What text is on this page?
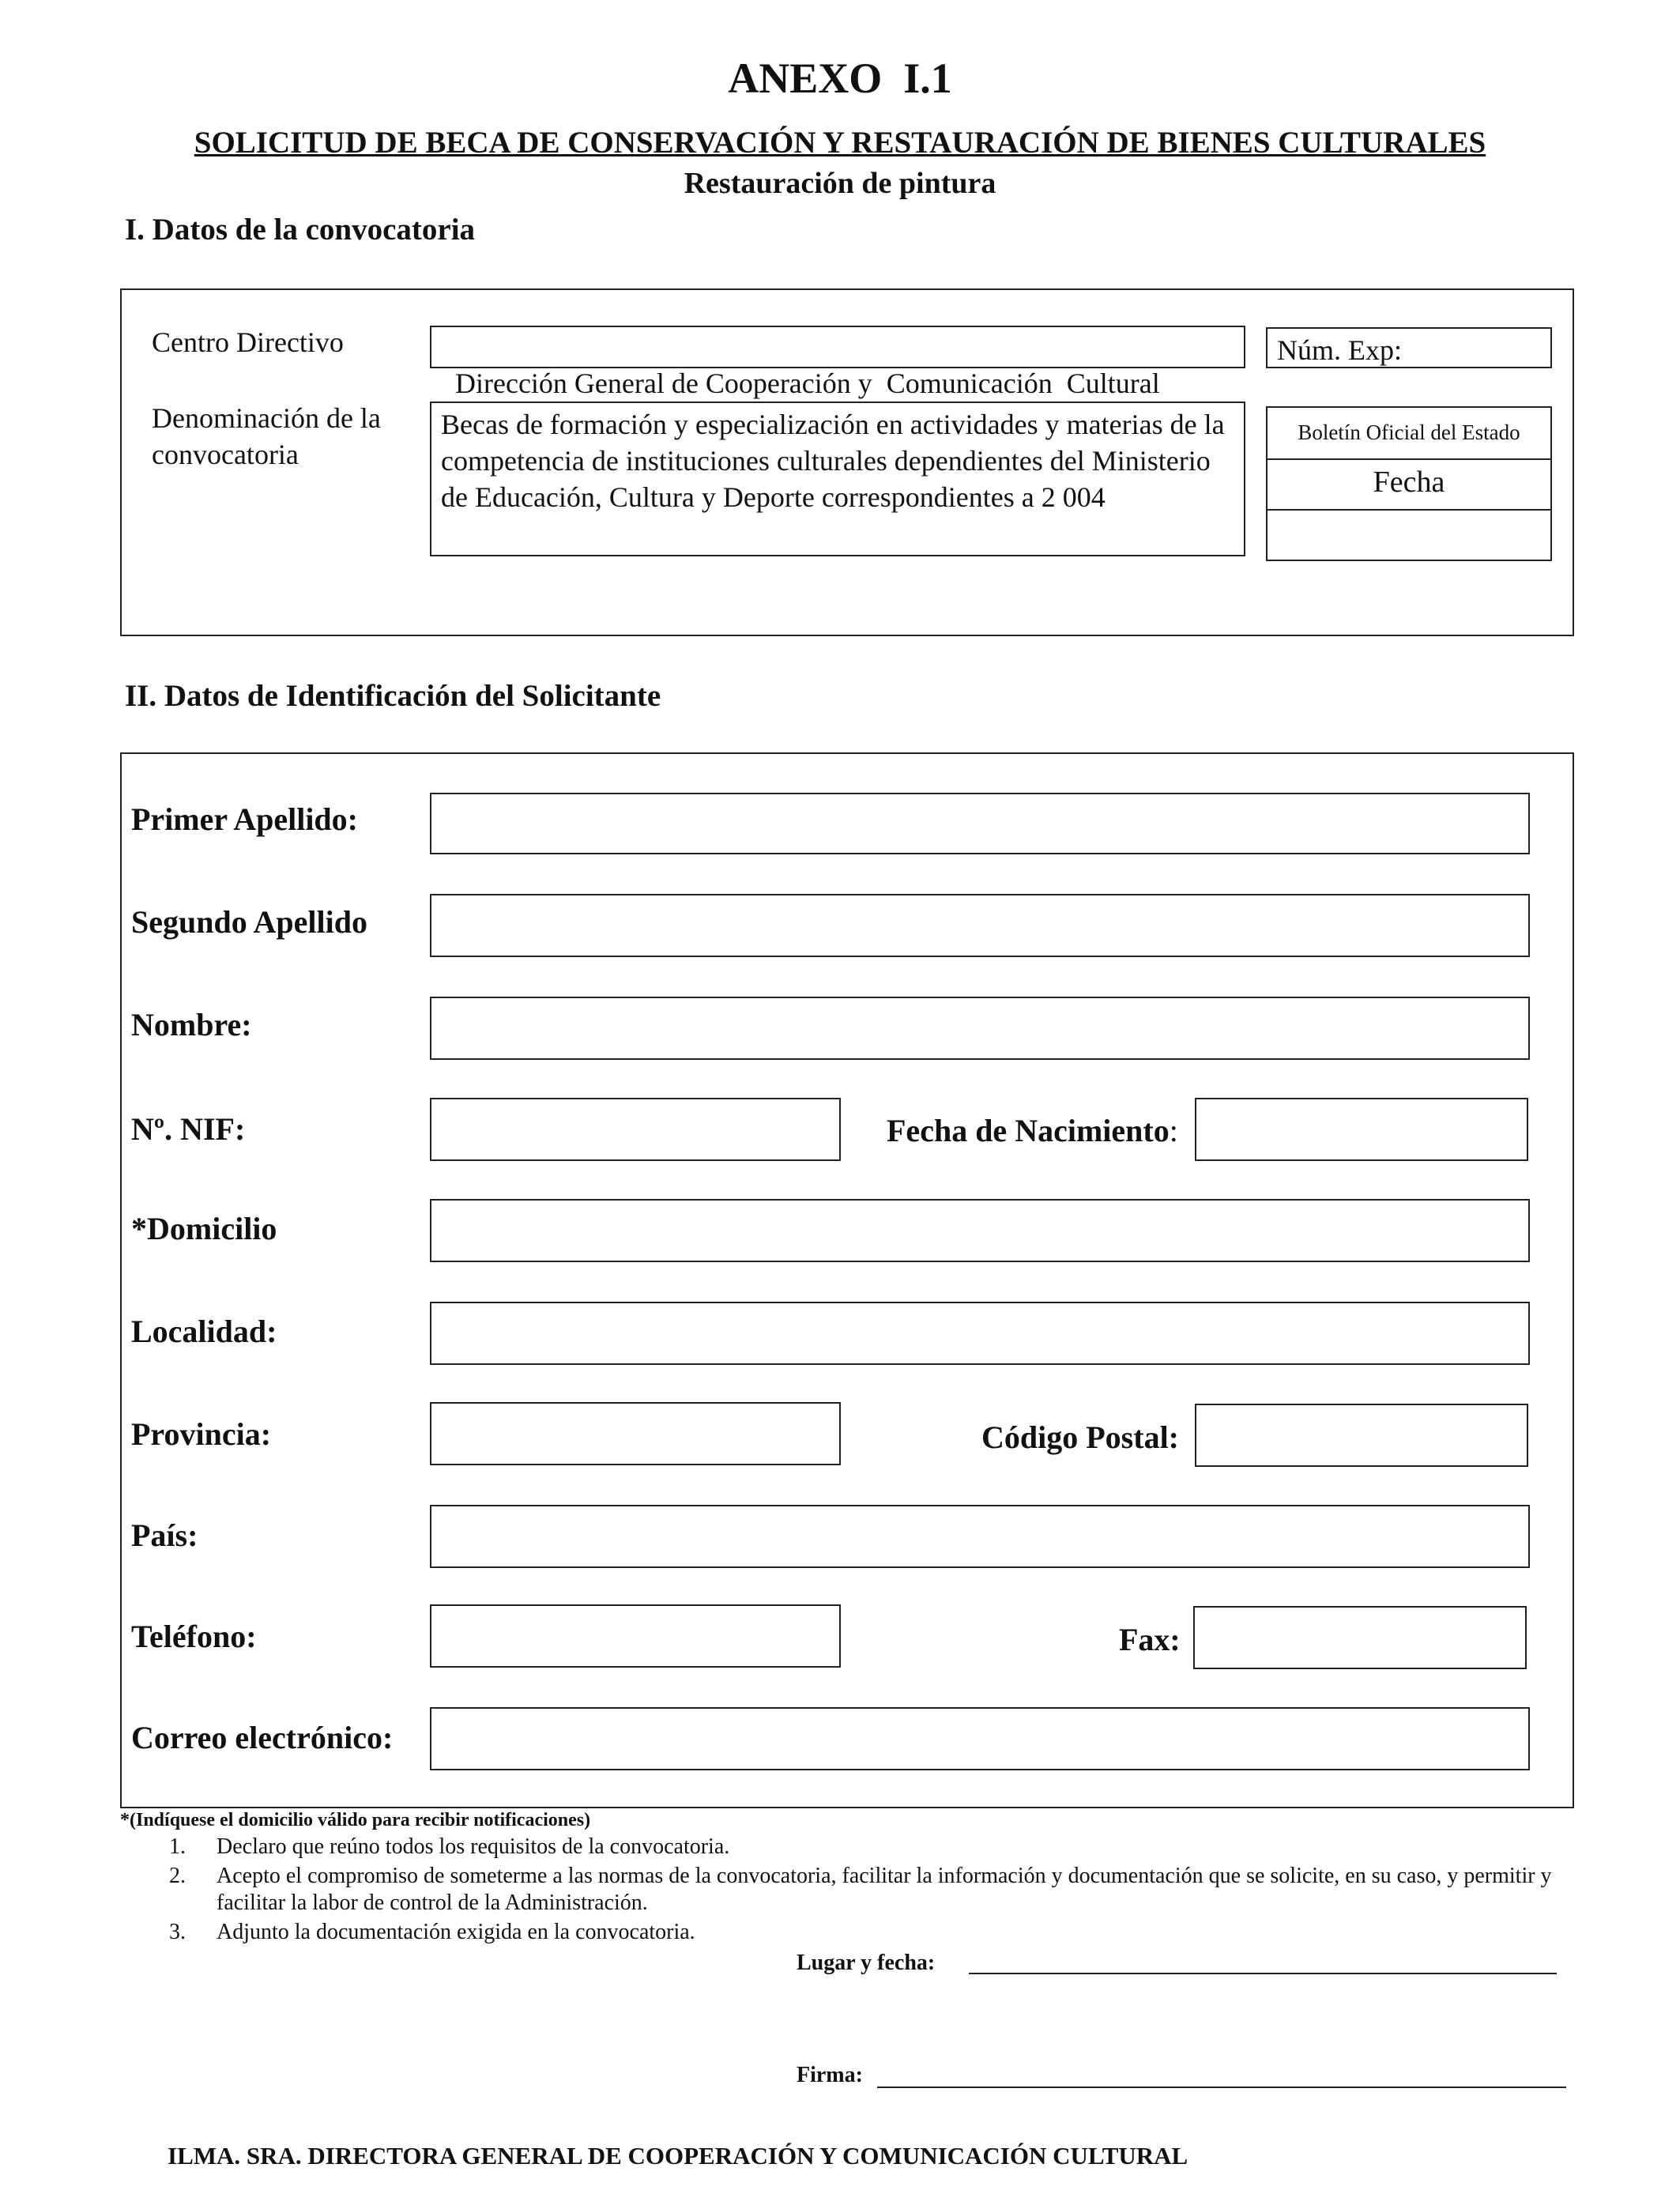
ANEXO  I.1
SOLICITUD DE BECA DE CONSERVACIÓN Y RESTAURACIÓN DE BIENES CULTURALES
Restauración de pintura
I. Datos de la convocatoria
Centro Directivo

Dirección General de Cooperación y  Comunicación  Cultural

Núm. Exp:
Denominación de la convocatoria
Becas de formación y especialización en actividades y materias de la competencia de instituciones culturales dependientes del Ministerio de Educación, Cultura y Deporte correspondientes a 2 004
Boletín Oficial del Estado
Fecha
II. Datos de Identificación del Solicitante
Primer Apellido:
Segundo Apellido
Nombre:
Nº. NIF:	Fecha de Nacimiento:
*Domicilio
Localidad:
Provincia:	Código Postal:
País:
Teléfono:	Fax:
Correo electrónico:
*(Indíquese el domicilio válido para recibir notificaciones)
1. Declaro que reúno todos los requisitos de la convocatoria.
2. Acepto el compromiso de someterme a las normas de la convocatoria, facilitar la información y documentación que se solicite, en su caso, y permitir y facilitar la labor de control de la Administración.
3. Adjunto la documentación exigida en la convocatoria.
Lugar y fecha:
Firma:
ILMA. SRA. DIRECTORA GENERAL DE COOPERACIÓN Y COMUNICACIÓN CULTURAL
